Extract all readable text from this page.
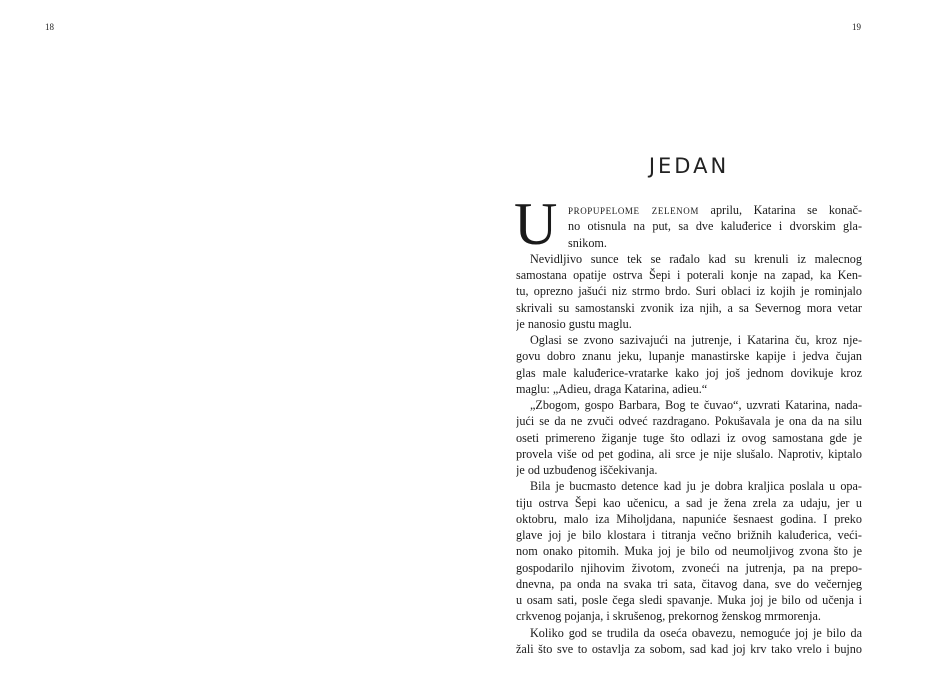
18	19
JEDAN
U propupelome zelenom aprilu, Katarina se konač-
no otisnula na put, sa dve kaluđerice i dvorskim gla-
snikom.
Nevidljivo sunce tek se rađalo kad su krenuli iz malecnog
samostana opatije ostrva Šepi i poterali konje na zapad, ka Ken-
tu, oprezno jašući niz strmo brdo. Suri oblaci iz kojih je rominjalo
skrivali su samostanski zvonik iza njih, a sa Severnog mora vetar
je nanosio gustu maglu.
Oglasi se zvono sazivajući na jutrenje, i Katarina ču, kroz nje-
govu dobro znanu jeku, lupanje manastirske kapije i jedva čujan
glas male kaluđerice-vratarke kako joj još jednom dovikuje kroz
maglu: „Adieu, draga Katarina, adieu.“
„Zbogom, gospo Barbara, Bog te čuvao“, uzvrati Katarina, nada-
jući se da ne zvuči odveć razdragano. Pokušavala je ona da na silu
oseti primereno žiganje tuge što odlazi iz ovog samostana gde je
provela više od pet godina, ali srce je nije slušalo. Naprotiv, kiptalo
je od uzbuđenog iščekivanja.
Bila je bucmasto detence kad ju je dobra kraljica poslala u opa-
tiju ostrva Šepi kao učenicu, a sad je žena zrela za udaju, jer u
oktobru, malo iza Miholjdana, napuniće šesnaest godina. I preko
glave joj je bilo klostara i titranja večno brižnih kaluđerica, veći-
nom onako pitomih. Muka joj je bilo od neumoljivog zvona što je
gospodarilo njihovim životom, zvoneći na jutrenja, pa na prepo-
dnevna, pa onda na svaka tri sata, čitavog dana, sve do večernjeg
u osam sati, posle čega sledi spavanje. Muka joj je bilo od učenja i
crkvenog pojanja, i skrušenog, prekornog ženskog mrmorenja.
Koliko god se trudila da oseća obavezu, nemoguće joj je bilo da
žali što sve to ostavlja za sobom, sad kad joj krv tako vrelo i bujno
